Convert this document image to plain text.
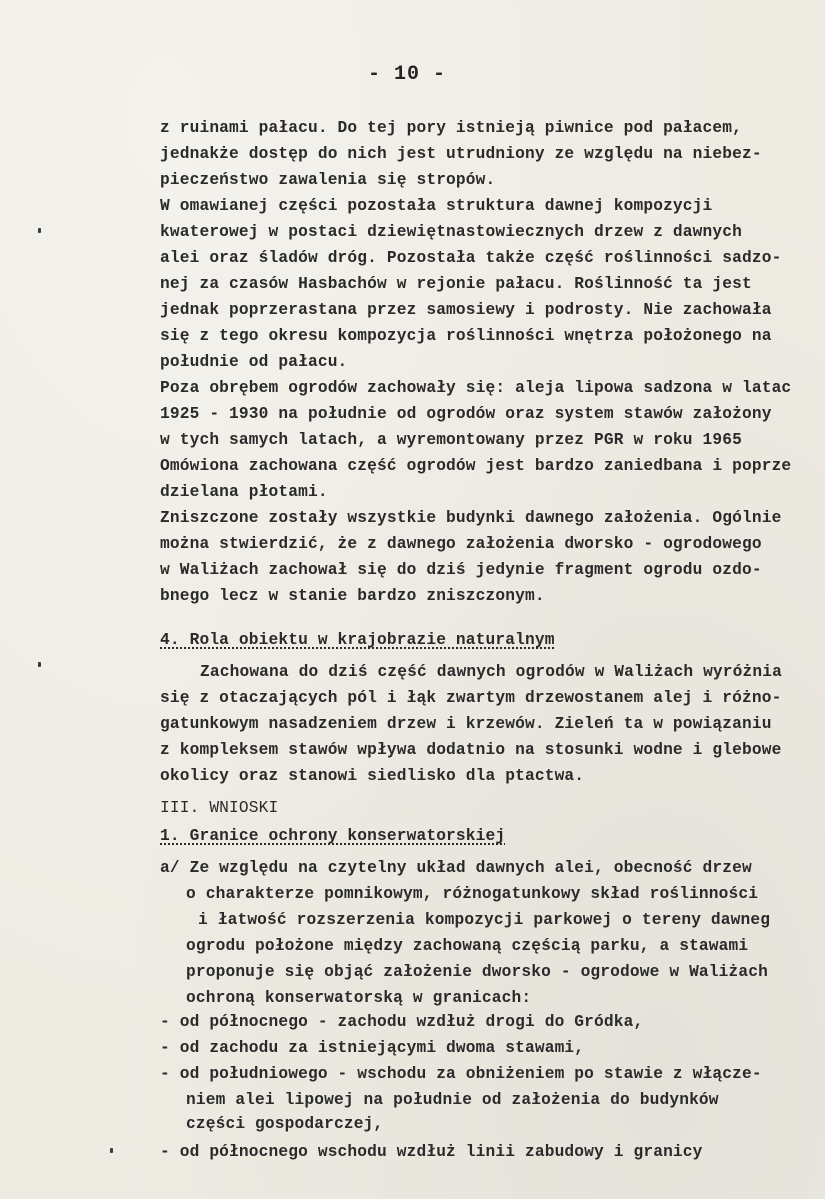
- 10 -
z ruinami pałacu. Do tej pory istnieją piwnice pod pałacem,
jednakże dostęp do nich jest utrudniony ze względu na niebez-
pieczeństwo zawalenia się stropów.
W omawianej części pozostała struktura dawnej kompozycji
kwaterowej w postaci dziewiętnastowiecznych drzew z dawnych
alei oraz śladów dróg. Pozostała także część roślinności sadzo-
nej za czasów Hasbachów w rejonie pałacu. Roślinność ta jest
jednak poprzerastana przez samosiewy i podrosty. Nie zachowała
się z tego okresu kompozycja roślinności wnętrza położonego na
południe od pałacu.
Poza obrębem ogrodów zachowały się: aleja lipowa sadzona w latac
1925 - 1930 na południe od ogrodów oraz system stawów założony
w tych samych latach, a wyremontowany przez PGR w roku 1965
Omówiona zachowana część ogrodów jest bardzo zaniedbana i poprze
dzielana płotami.
Zniszczone zostały wszystkie budynki dawnego założenia. Ogólnie
można stwierdzić, że z dawnego założenia dworsko - ogrodowego
w Waliżach zachował się do dziś jedynie fragment ogrodu ozdo-
bnego lecz w stanie bardzo zniszczonym.
4. Rola obiektu w krajobrazie naturalnym
Zachowana do dziś część dawnych ogrodów w Waliżach wyróżnia
się z otaczających pól i łąk zwartym drzewostanem alej i różno-
gatunkowym nasadzeniem drzew i krzewów. Zieleń ta w powiązaniu
z kompleksem stawów wpływa dodatnio na stosunki wodne i glebowe
okolicy oraz stanowi siedlisko dla ptactwa.
III. WNIOSKI
1. Granice ochrony konserwatorskiej
a/ Ze względu na czytelny układ dawnych alei, obecność drzew
o charakterze pomnikowym, różnogatunkowy skład roślinności
i łatwość rozszerzenia kompozycji parkowej o tereny dawneg
ogrodu położone między zachowaną częścią parku, a stawami
proponuje się objąć założenie dworsko - ogrodowe w Waliżach
ochroną konserwatorską w granicach:
- od północnego - zachodu wzdłuż drogi do Gródka,
- od zachodu za istniejącymi dwoma stawami,
- od południowego - wschodu za obniżeniem po stawie z włącze-
niem alei lipowej na południe od założenia do budynków
części gospodarczej,
- od północnego wschodu wzdłuż linii zabudowy i granicy
